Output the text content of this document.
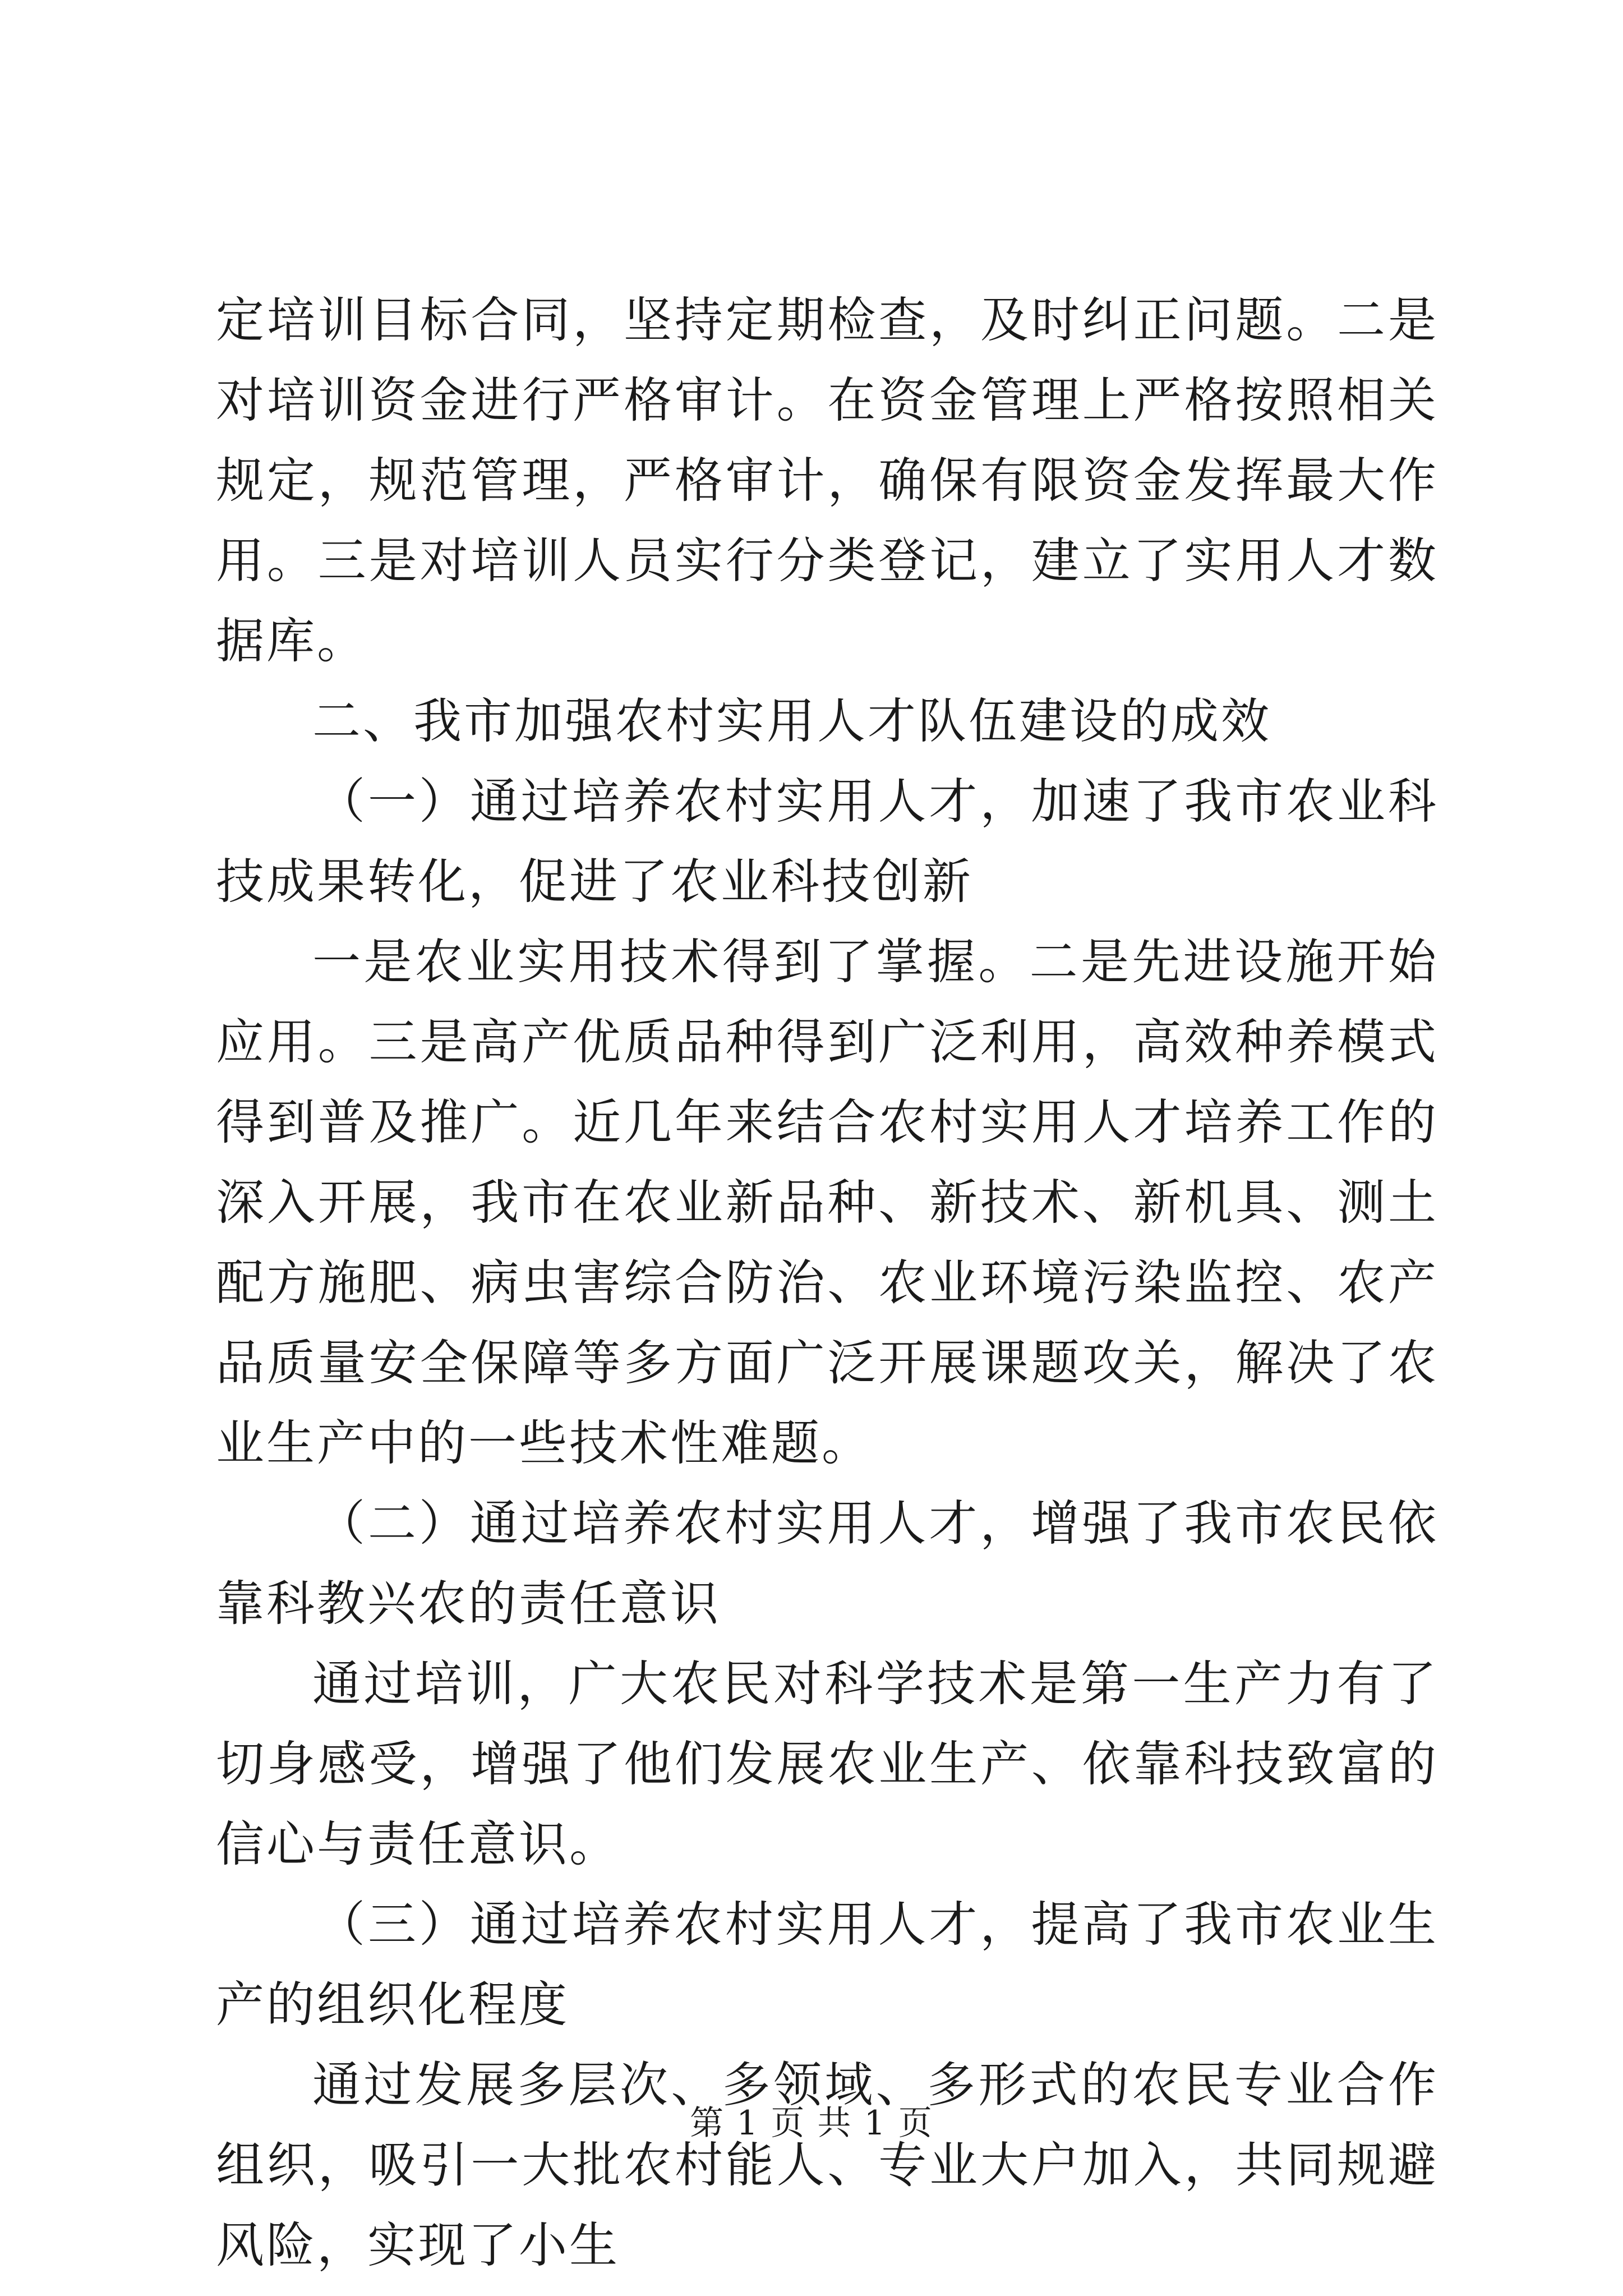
定培训目标合同，坚持定期检查，及时纠正问题。二是对培训资金进行严格审计。在资金管理上严格按照相关规定，规范管理，严格审计，确保有限资金发挥最大作用。三是对培训人员实行分类登记，建立了实用人才数据库。

二、我市加强农村实用人才队伍建设的成效

（一）通过培养农村实用人才，加速了我市农业科技成果转化，促进了农业科技创新

一是农业实用技术得到了掌握。二是先进设施开始应用。三是高产优质品种得到广泛利用，高效种养模式得到普及推广。近几年来结合农村实用人才培养工作的深入开展，我市在农业新品种、新技术、新机具、测土配方施肥、病虫害综合防治、农业环境污染监控、农产品质量安全保障等多方面广泛开展课题攻关，解决了农业生产中的一些技术性难题。

（二）通过培养农村实用人才，增强了我市农民依靠科教兴农的责任意识

通过培训，广大农民对科学技术是第一生产力有了切身感受，增强了他们发展农业生产、依靠科技致富的信心与责任意识。

（三）通过培养农村实用人才，提高了我市农业生产的组织化程度

通过发展多层次、多领域、多形式的农民专业合作组织，吸引一大批农村能人、专业大户加入，共同规避风险，实现了小生

第 1 页 共 1 页
